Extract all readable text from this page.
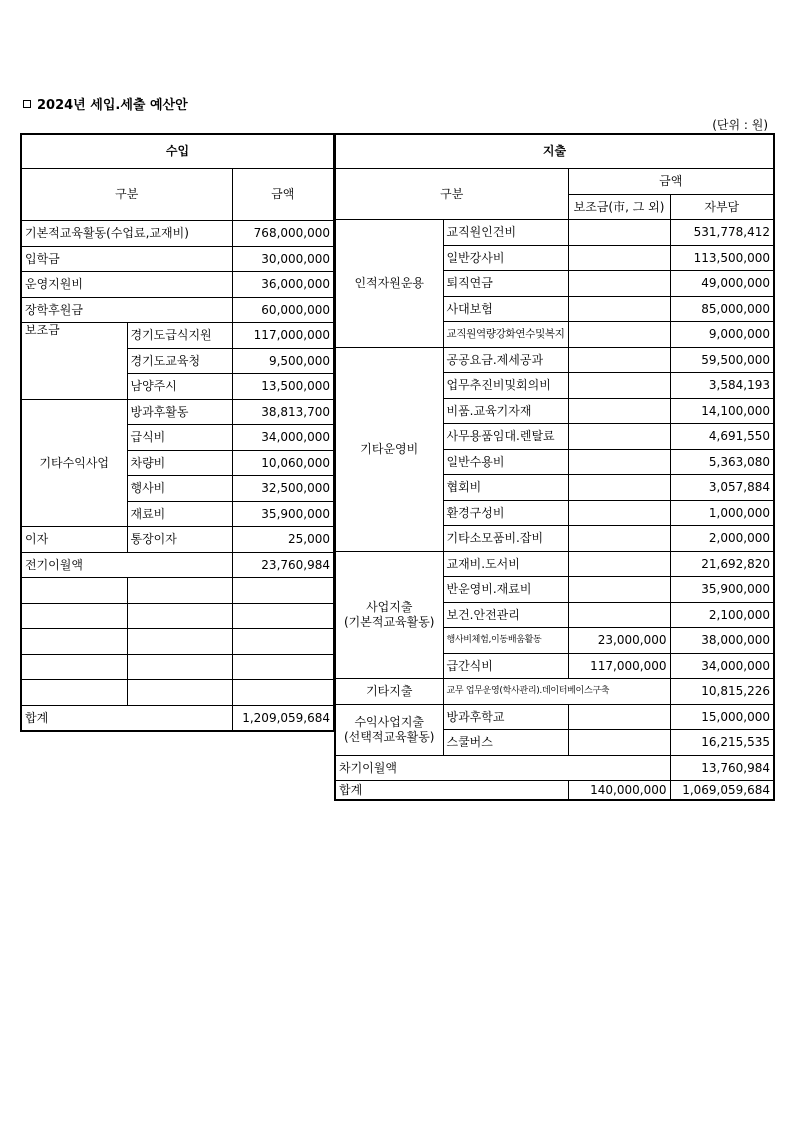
2024년 세입.세출 예산안
(단위 : 원)
수입		
구분		금액
기본적교육활동(수업료,교재비)		768,000,000
입학금		30,000,000
운영지원비		36,000,000
장학후원금		60,000,000
보조금	경기도급식지원	117,000,000
	경기도교육청	9,500,000
	남양주시	13,500,000
기타수익사업	방과후활동	38,813,700
	급식비	34,000,000
	차량비	10,060,000
	행사비	32,500,000
	재료비	35,900,000
이자	통장이자	25,000
전기이월액		23,760,984

합계		1,209,059,684
지출			
구분		금액	
		보조금(市, 그 외)	자부담
인적자원운용	교직원인건비		531,778,412
	일반강사비		113,500,000
	퇴직연금		49,000,000
	사대보험		85,000,000
	교직원역량강화연수및복지		9,000,000
기타운영비	공공요금.제세공과		59,500,000
	업무추진비및회의비		3,584,193
	비품.교육기자재		14,100,000
	사무용품임대.렌탈료		4,691,550
	일반수용비		5,363,080
	협회비		3,057,884
	환경구성비		1,000,000
	기타소모품비.잡비		2,000,000

사업지출
(기본적교육활동)	교재비.도서비		21,692,820
	반운영비.재료비		35,900,000
	보건.안전관리		2,100,000
	행사비체험,이동배움활동	23,000,000	38,000,000
	급간식비	117,000,000	34,000,000
기타지출	교무 업무운영(학사관리).데이터베이스구축		10,815,226

수익사업지출
(선택적교육활동)	방과후학교		15,000,000
	스쿨버스		16,215,535
차기이월액			13,760,984
합계		140,000,000	1,069,059,684
